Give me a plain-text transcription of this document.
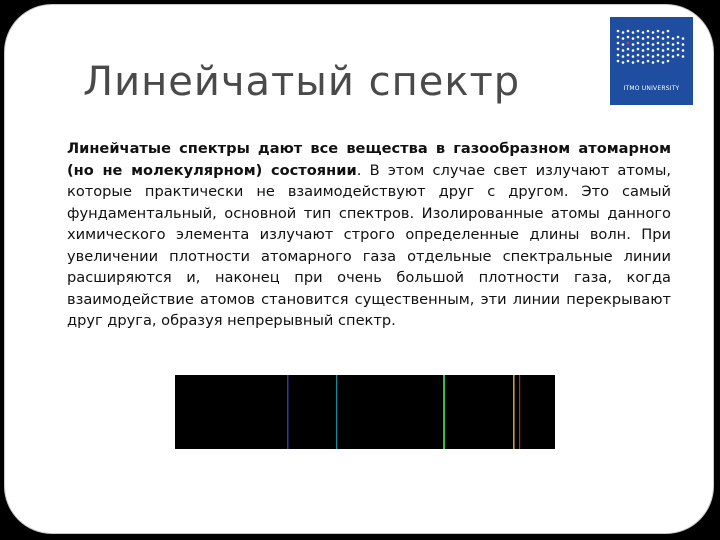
Линейчатый спектр	ITMO UNIVERSITY

Линейчатые спектры дают все вещества в газообразном атомарном (но не молекулярном) состоянии. В этом случае свет излучают атомы, которые практически не взаимодействуют друг с другом. Это самый фундаментальный, основной тип спектров. Изолированные атомы данного химического элемента излучают строго определенные длины волн. При увеличении плотности атомарного газа отдельные спектральные линии расширяются и, наконец при очень большой плотности газа, когда взаимодействие атомов становится существенным, эти линии перекрывают друг друга, образуя непрерывный спектр.
